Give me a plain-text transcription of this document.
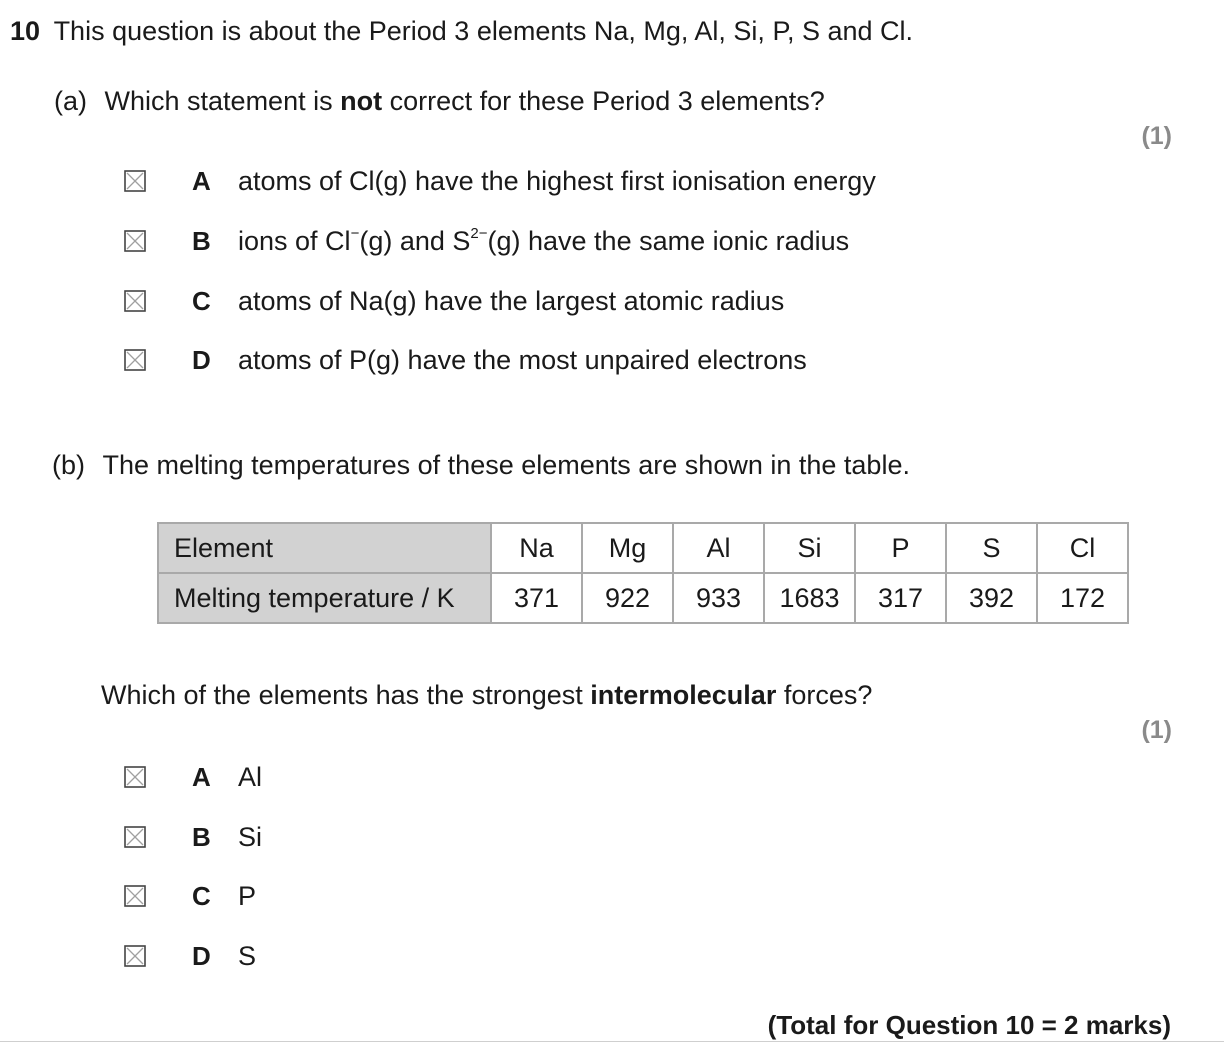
10 This question is about the Period 3 elements Na, Mg, Al, Si, P, S and Cl.
(a) Which statement is not correct for these Period 3 elements?
(1)
A atoms of Cl(g) have the highest first ionisation energy
B ions of Cl−(g) and $S^{2-}(g)$ have the same ionic radius
C atoms of Na(g) have the largest atomic radius
D atoms of P(g) have the most unpaired electrons
(b) The melting temperatures of these elements are shown in the table.
Element	Na	Mg	Al	Si	P	S	Cl
Melting temperature / K	371	922	933	1683	317	392	172
Which of the elements has the strongest intermolecular forces?
(1)
A Al
B Si
C P
D S
(Total for Question 10 = 2 marks)
